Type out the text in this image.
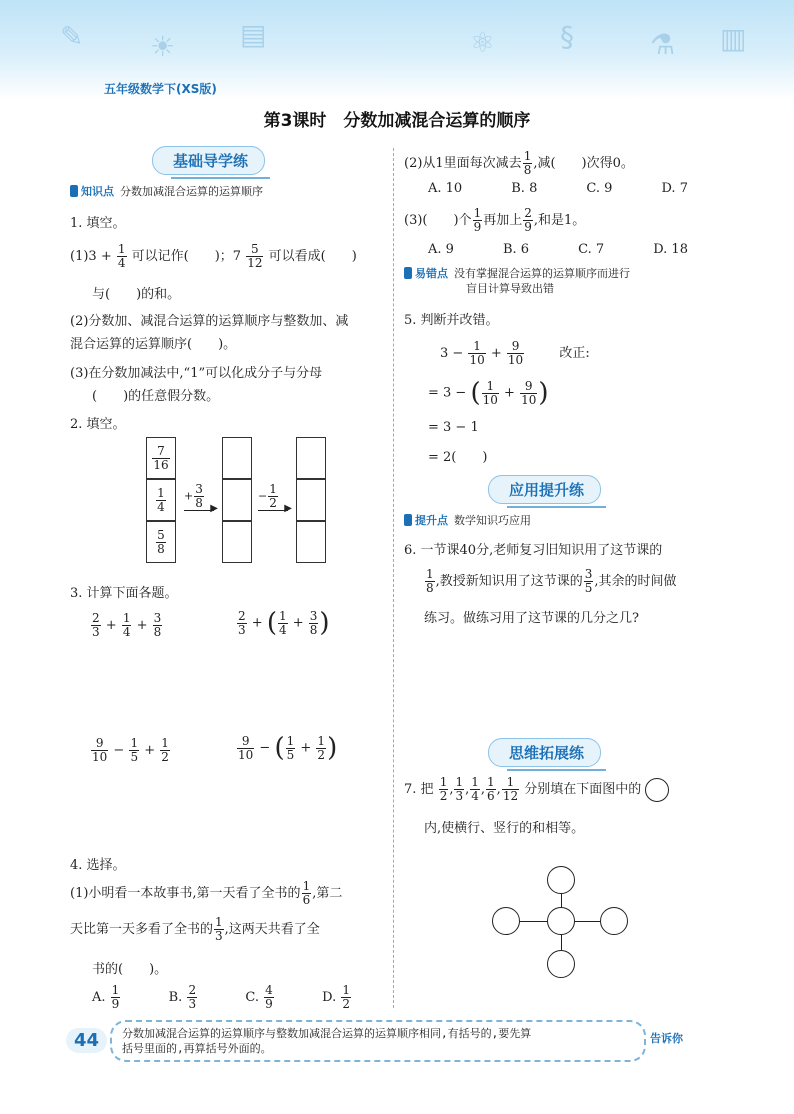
✎ ☀ ▤	⚛ §	⚗ ▥
五年级数学下(XS版)
第3课时　分数加减混合运算的顺序
基础导学练
知识点 分数加减混合运算的运算顺序
1. 填空。
$(1)3 + \frac{1}{4}$ 可以记作(　　)；$7 \frac{5}{12}$ 可以看成(　　)
与(　　)的和。
(2)分数加、减混合运算的运算顺序与整数加、减
混合运算的运算顺序(　　)。
(3)在分数加减法中,“1”可以化成分子与分母
(　　)的任意假分数。
2. 填空。
$\frac{7}{16}$
$\frac{1}{4}$
$\frac{5}{8}$
+ $\frac{3}{8}$ ▶
− $\frac{1}{2}$ ▶
3. 计算下面各题。
$\frac{2}{3} + \frac{1}{4} + \frac{3}{8}$	$\frac{2}{3}$ + ( $\frac{1}{4} + \frac{3}{8}$ )
$\frac{9}{10} - \frac{1}{5} + \frac{1}{2}$	$\frac{9}{10}$ − ( $\frac{1}{5} + \frac{1}{2}$ )
4. 选择。
(1)小明看一本故事书,第一天看了全书的 $\frac{1}{6}$ ,第二
天比第一天多看了全书的 $\frac{1}{3}$ ,这两天共看了全
书的(　　)。
A. $\frac{1}{9}$	B. $\frac{2}{3}$	C. $\frac{4}{9}$	D. $\frac{1}{2}$
(2)从1里面每次减去 $\frac{1}{8}$ ,减(　　)次得0。
A. 10	B. 8	C. 9	D. 7
(3)(　　)个 $\frac{1}{9}$ 再加上 $\frac{2}{9}$ ,和是1。
A. 9	B. 6	C. 7	D. 18
易错点 没有掌握混合运算的运算顺序而进行
盲目计算导致出错
5. 判断并改错。
$3 - \frac{1}{10} + \frac{9}{10}$	改正:
= 3 − ( $\frac{1}{10} + \frac{9}{10}$ )
= 3 − 1
= 2(　　)
应用提升练
提升点 数学知识巧应用
6. 一节课40分,老师复习旧知识用了这节课的
$\frac{1}{8}$ ,教授新知识用了这节课的 $\frac{3}{5}$ ,其余的时间做
练习。做练习用了这节课的几分之几?
思维拓展练
7. 把 $\frac{1}{2}$ , $\frac{1}{3}$ , $\frac{1}{4}$ , $\frac{1}{6}$ , $\frac{1}{12}$ 分别填在下面图中的
内,使横行、竖行的和相等。
44	分数加减混合运算的运算顺序与整数加减混合运算的运算顺序相同,有括号的,要先算
括号里面的,再算括号外面的。
告诉你
